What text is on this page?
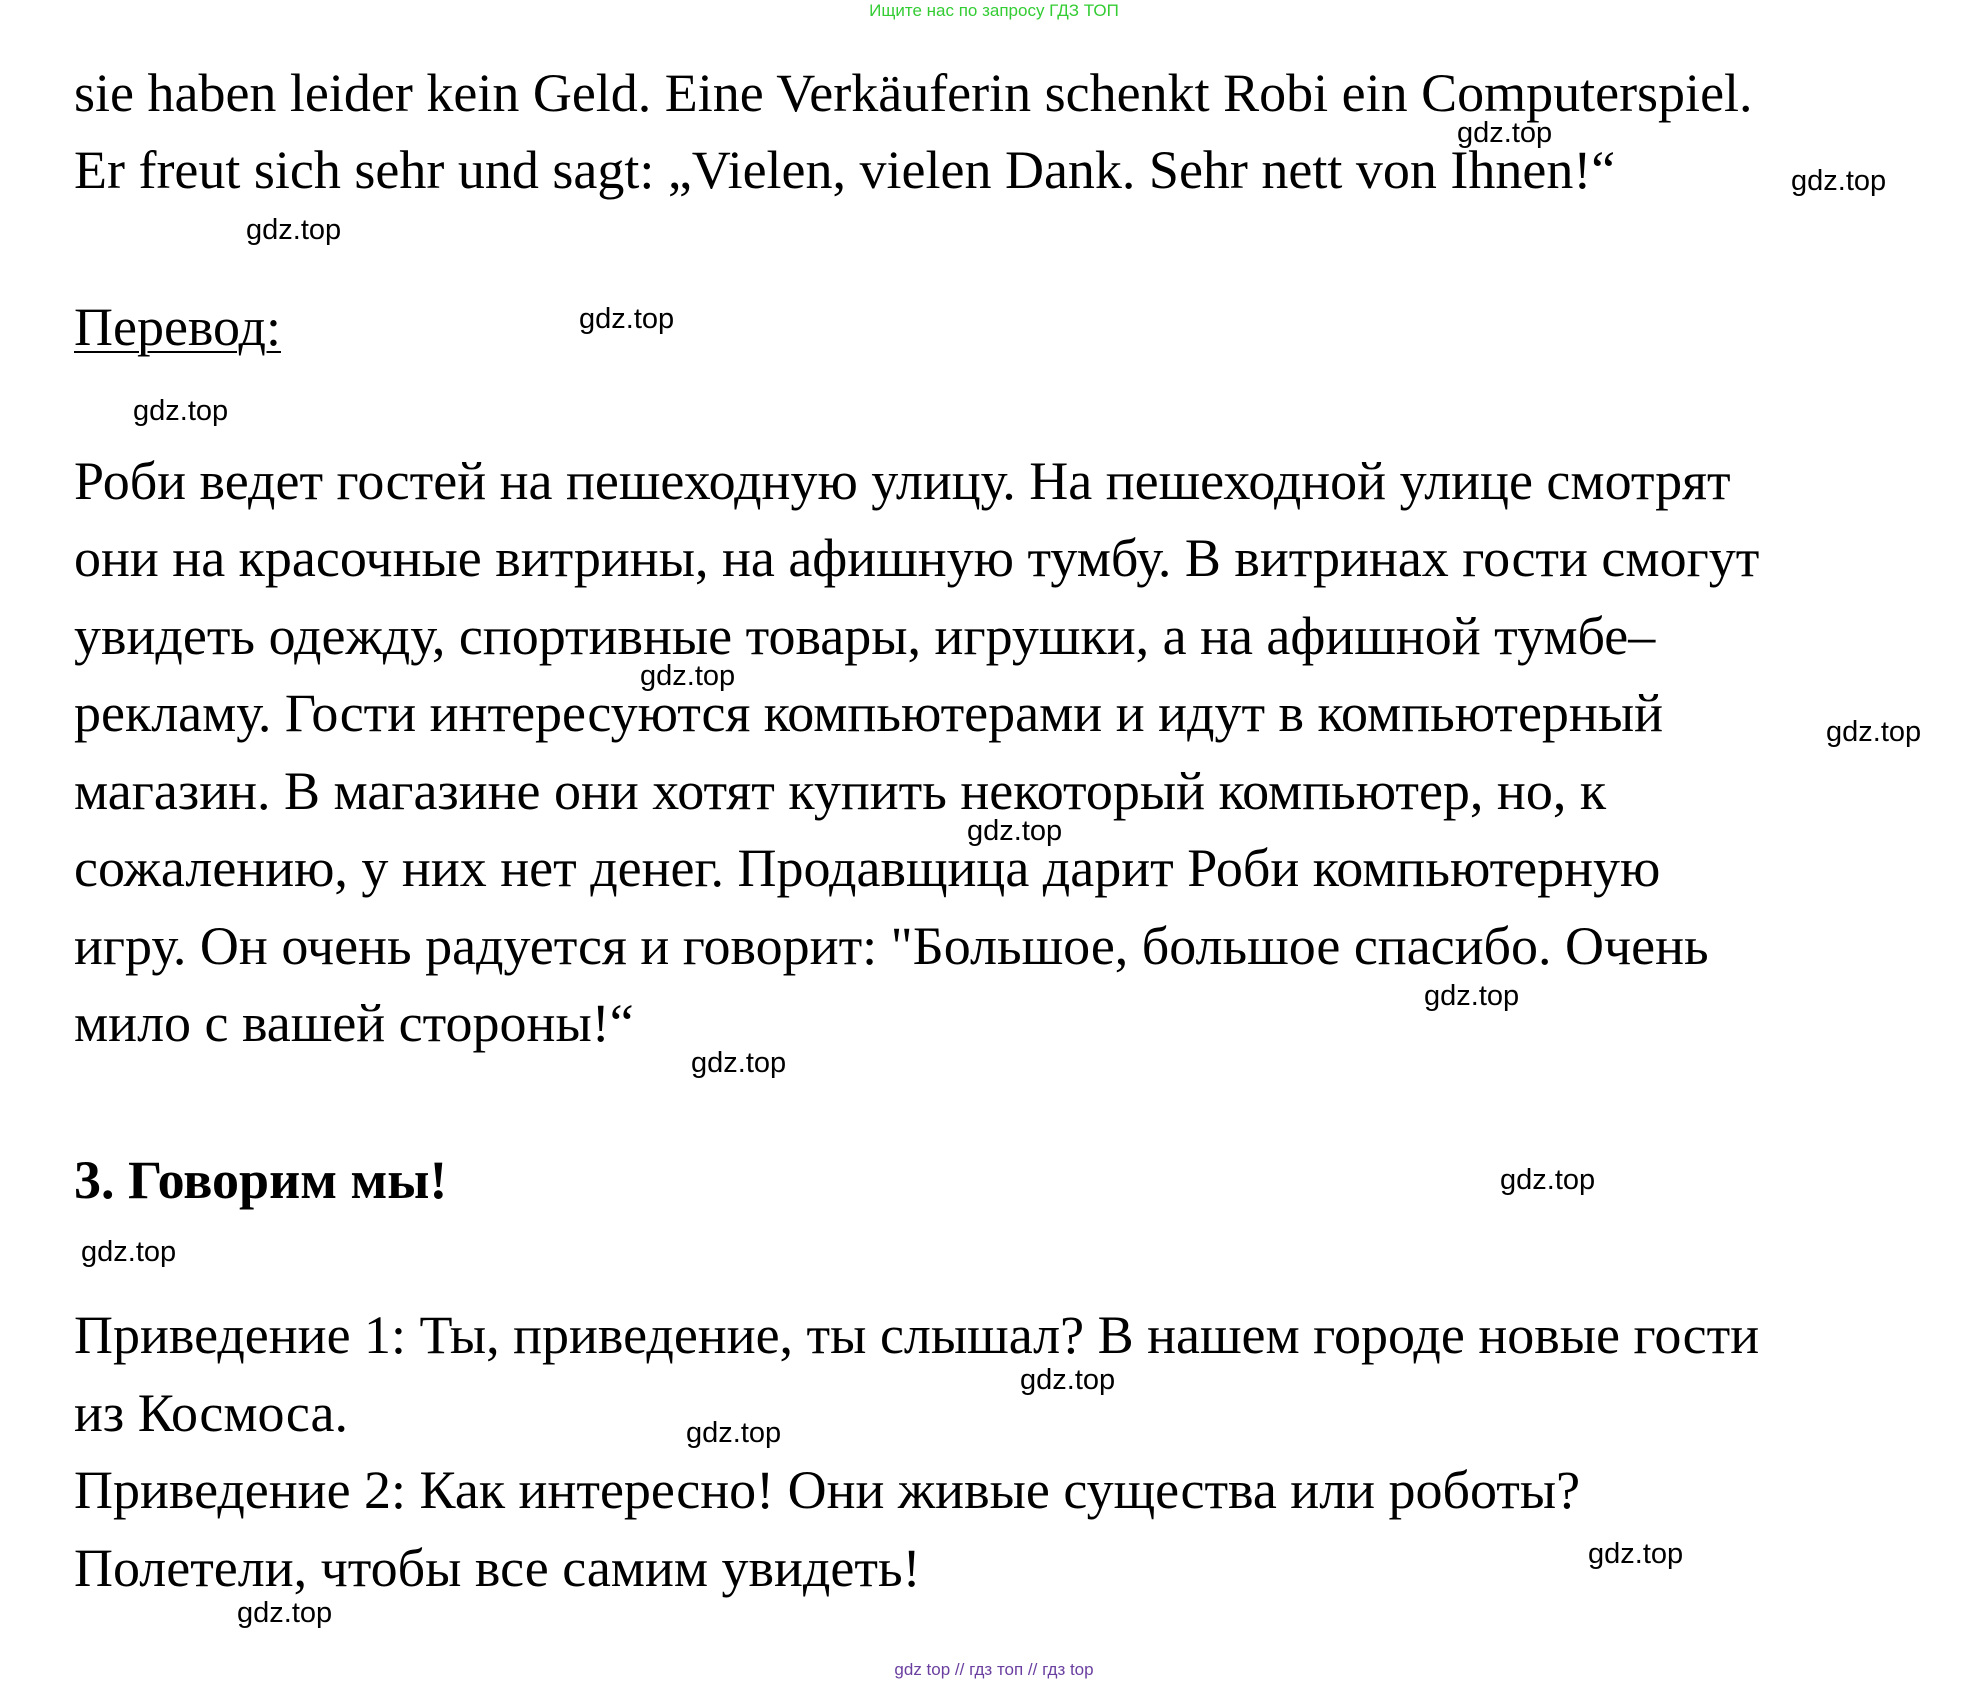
Ищите нас по запросу ГДЗ ТОП
sie haben leider kein Geld. Eine Verkäuferin schenkt Robi ein Computerspiel.
Er freut sich sehr und sagt: „Vielen, vielen Dank. Sehr nett von Ihnen!“
Перевод:
Роби ведет гостей на пешеходную улицу. На пешеходной улице смотрят
они на красочные витрины, на афишную тумбу. В витринах гости смогут
увидеть одежду, спортивные товары, игрушки, а на афишной тумбе–
рекламу. Гости интересуются компьютерами и идут в компьютерный
магазин. В магазине они хотят купить некоторый компьютер, но, к
сожалению, у них нет денег. Продавщица дарит Роби компьютерную
игру. Он очень радуется и говорит: "Большое, большое спасибо. Очень
мило с вашей стороны!“
3. Говорим мы!
Приведение 1: Ты, приведение, ты слышал? В нашем городе новые гости
из Космоса.
Приведение 2: Как интересно! Они живые существа или роботы?
Полетели, чтобы все самим увидеть!
gdz.top
gdz.top
gdz.top
gdz.top
gdz.top
gdz.top
gdz.top
gdz.top
gdz.top
gdz.top
gdz.top
gdz.top
gdz.top
gdz.top
gdz.top
gdz.top
gdz top // гдз топ // гдз top
